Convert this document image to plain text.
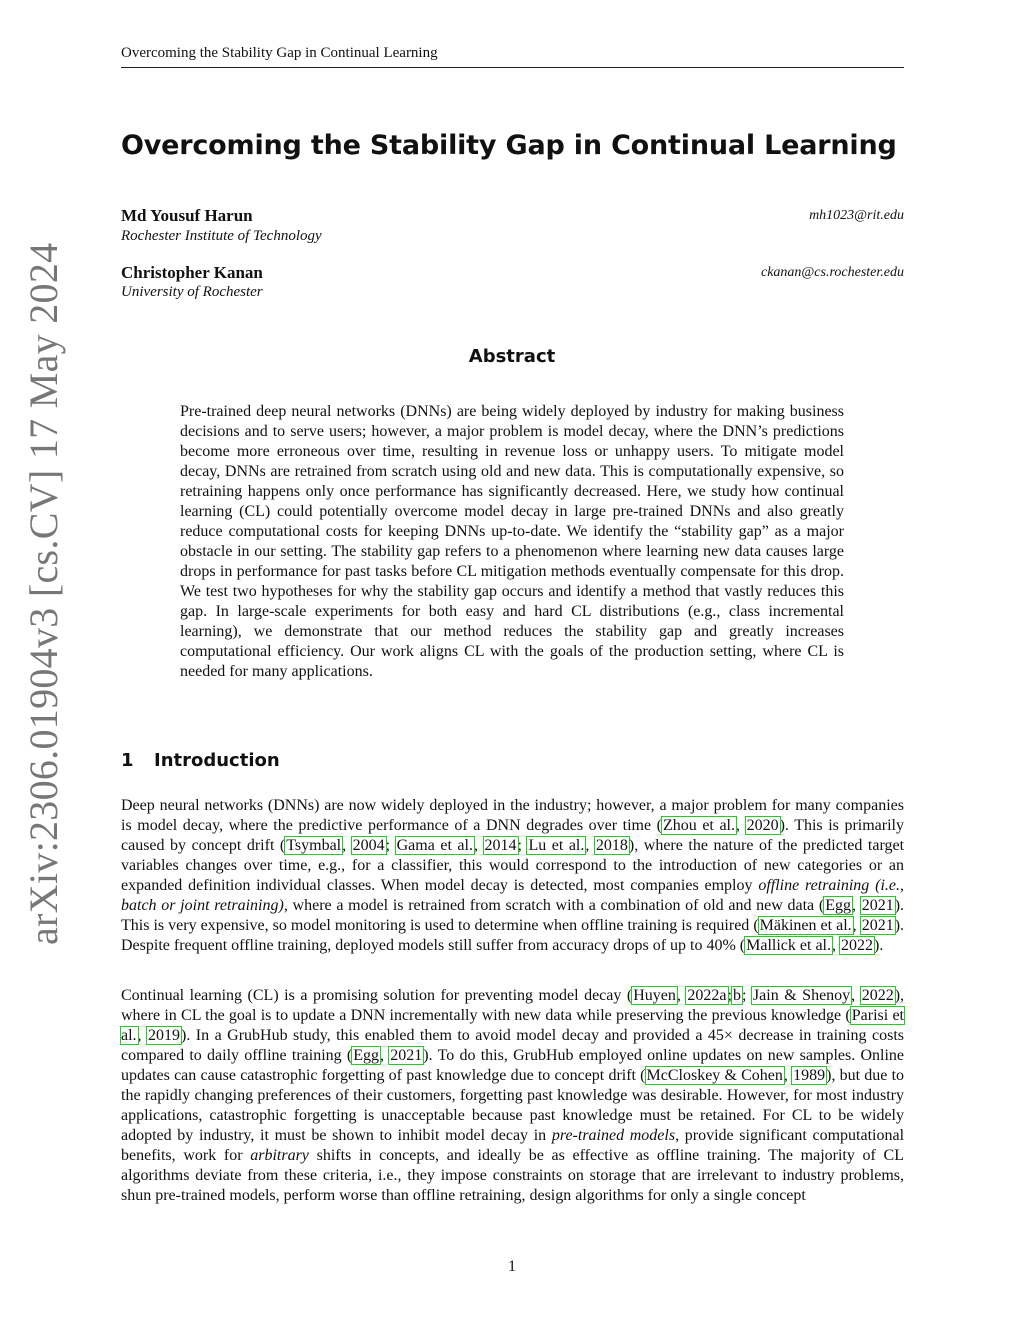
Overcoming the Stability Gap in Continual Learning
arXiv:2306.01904v3 [cs.CV] 17 May 2024
Overcoming the Stability Gap in Continual Learning
Md Yousuf Harun	mh1023@rit.edu
Rochester Institute of Technology
Christopher Kanan	ckanan@cs.rochester.edu
University of Rochester
Abstract

Pre-trained deep neural networks (DNNs) are being widely deployed by industry for making business decisions and to serve users; however, a major problem is model decay, where the DNN’s predictions become more erroneous over time, resulting in revenue loss or unhappy users. To mitigate model decay, DNNs are retrained from scratch using old and new data. This is computationally expensive, so retraining happens only once performance has significantly decreased. Here, we study how continual learning (CL) could potentially overcome model decay in large pre-trained DNNs and also greatly reduce computational costs for keeping DNNs up-to-date. We identify the “stability gap” as a major obstacle in our setting. The stability gap refers to a phenomenon where learning new data causes large drops in performance for past tasks before CL mitigation methods eventually compensate for this drop. We test two hypotheses for why the stability gap occurs and identify a method that vastly reduces this gap. In large-scale experiments for both easy and hard CL distributions (e.g., class incremental learning), we demonstrate that our method reduces the stability gap and greatly increases computational efficiency. Our work aligns CL with the goals of the production setting, where CL is needed for many applications.

1 Introduction

Deep neural networks (DNNs) are now widely deployed in the industry; however, a major problem for many companies is model decay, where the predictive performance of a DNN degrades over time (Zhou et al., 2020). This is primarily caused by concept drift (Tsymbal, 2004; Gama et al., 2014; Lu et al., 2018), where the nature of the predicted target variables changes over time, e.g., for a classifier, this would correspond to the introduction of new categories or an expanded definition individual classes. When model decay is detected, most companies employ offline retraining (i.e., batch or joint retraining), where a model is retrained from scratch with a combination of old and new data (Egg, 2021). This is very expensive, so model monitoring is used to determine when offline training is required (Mäkinen et al., 2021). Despite frequent offline training, deployed models still suffer from accuracy drops of up to 40% (Mallick et al., 2022).

Continual learning (CL) is a promising solution for preventing model decay (Huyen, 2022a;b; Jain & Shenoy, 2022), where in CL the goal is to update a DNN incrementally with new data while preserving the previous knowledge (Parisi et al., 2019). In a GrubHub study, this enabled them to avoid model decay and provided a 45× decrease in training costs compared to daily offline training (Egg, 2021). To do this, GrubHub employed online updates on new samples. Online updates can cause catastrophic forgetting of past knowledge due to concept drift (McCloskey & Cohen, 1989), but due to the rapidly changing preferences of their customers, forgetting past knowledge was desirable. However, for most industry applications, catastrophic forgetting is unacceptable because past knowledge must be retained. For CL to be widely adopted by industry, it must be shown to inhibit model decay in pre-trained models, provide significant computational benefits, work for arbitrary shifts in concepts, and ideally be as effective as offline training. The majority of CL algorithms deviate from these criteria, i.e., they impose constraints on storage that are irrelevant to industry problems, shun pre-trained models, perform worse than offline retraining, design algorithms for only a single concept

1
